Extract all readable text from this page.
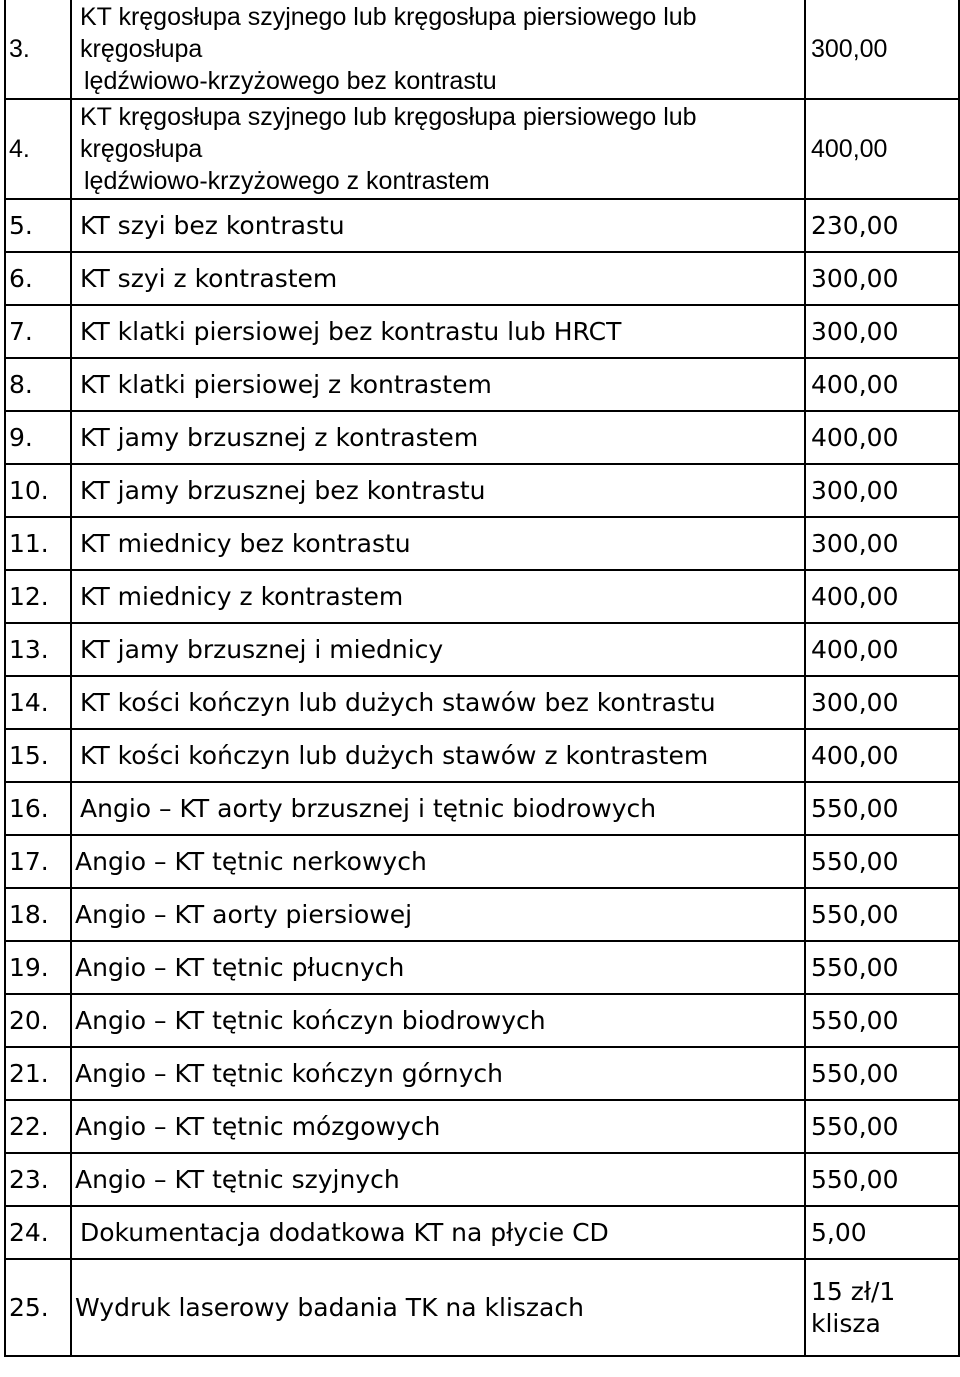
3.	KT kręgosłupa szyjnego lub kręgosłupa piersiowego lub
kręgosłupa
lędźwiowo-krzyżowego bez kontrastu	300,00

4.	KT kręgosłupa szyjnego lub kręgosłupa piersiowego lub
kręgosłupa
lędźwiowo-krzyżowego z kontrastem	400,00
5.	KT szyi bez kontrastu	230,00
6.	KT szyi z kontrastem	300,00
7.	KT klatki piersiowej bez kontrastu lub HRCT	300,00
8.	KT klatki piersiowej z kontrastem	400,00
9.	KT jamy brzusznej z kontrastem	400,00
10.	KT jamy brzusznej bez kontrastu	300,00
11.	KT miednicy bez kontrastu	300,00
12.	KT miednicy z kontrastem	400,00
13.	KT jamy brzusznej i miednicy	400,00
14.	KT kości kończyn lub dużych stawów bez kontrastu	300,00
15.	KT kości kończyn lub dużych stawów z kontrastem	400,00
16.	Angio – KT aorty brzusznej i tętnic biodrowych	550,00
17.	Angio – KT tętnic nerkowych	550,00
18.	Angio – KT aorty piersiowej	550,00
19.	Angio – KT tętnic płucnych	550,00
20.	Angio – KT tętnic kończyn biodrowych	550,00
21.	Angio – KT tętnic kończyn górnych	550,00
22.	Angio – KT tętnic mózgowych	550,00
23.	Angio – KT tętnic szyjnych	550,00
24.	Dokumentacja dodatkowa KT na płycie CD	5,00
25.	Wydruk laserowy badania TK na kliszach	15 zł/1
klisza
